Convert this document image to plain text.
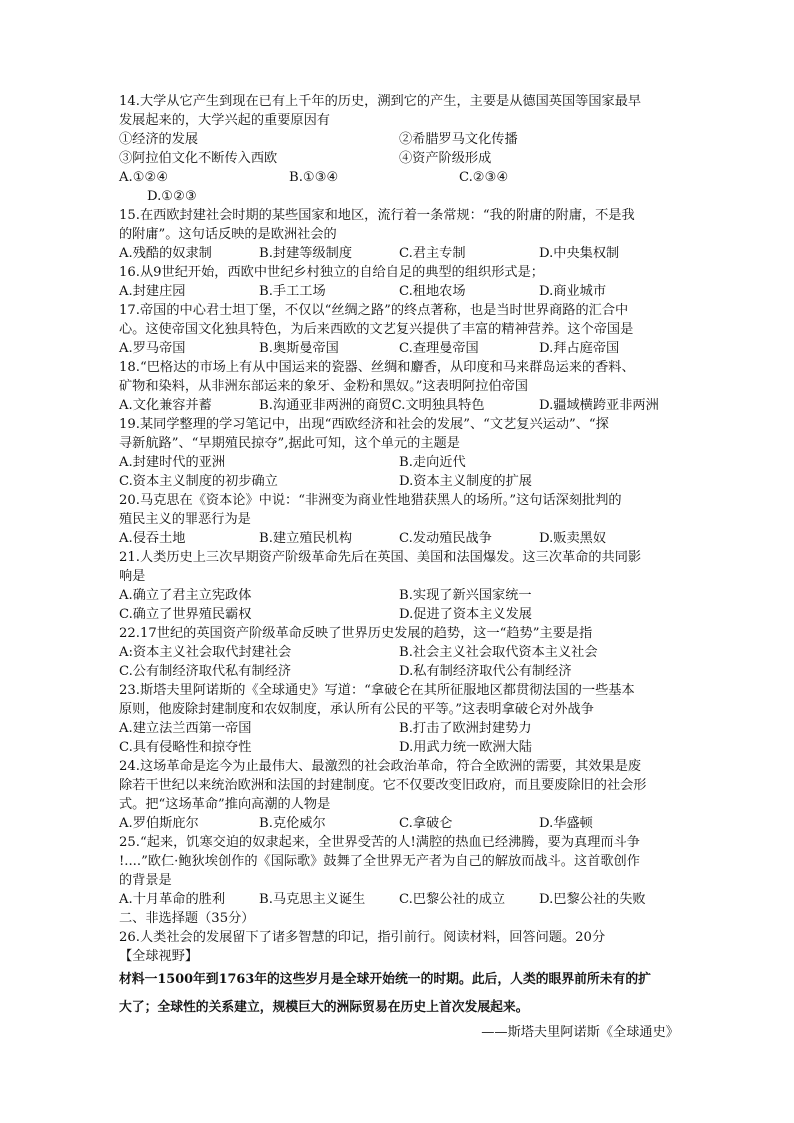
14.大学从它产生到现在已有上千年的历史，溯到它的产生，主要是从德国英国等国家最早
发展起来的，大学兴起的重要原因有
①经济的发展	②希腊罗马文化传播
③阿拉伯文化不断传入西欧	④资产阶级形成
A.①②④	B.①③④	C.②③④
D.①②③
15.在西欧封建社会时期的某些国家和地区，流行着一条常规：“我的附庸的附庸，不是我
的附庸”。这句话反映的是欧洲社会的
A.残酷的奴隶制	B.封建等级制度	C.君主专制	D.中央集权制
16.从9世纪开始，西欧中世纪乡村独立的自给自足的典型的组织形式是；
A.封建庄园	B.手工工场	C.租地农场	D.商业城市
17.帝国的中心君士坦丁堡，不仅以“丝绸之路”的终点著称，也是当时世界商路的汇合中
心。这使帝国文化独具特色，为后来西欧的文艺复兴提供了丰富的精神营养。这个帝国是
A.罗马帝国	B.奥斯曼帝国	C.查理曼帝国	D.拜占庭帝国
18.“巴格达的市场上有从中国运来的瓷器、丝绸和麝香，从印度和马来群岛运来的香料、
矿物和染料，从非洲东部运来的象牙、金粉和黑奴。”这表明阿拉伯帝国
A.文化兼容并蓄	B.沟通亚非两洲的商贸C.文明独具特色	D.疆域横跨亚非两洲
19.某同学整理的学习笔记中，出现“西欧经济和社会的发展”、“文艺复兴运动”、“探
寻新航路”、“早期殖民掠夺”,据此可知，这个单元的主题是
A.封建时代的亚洲	B.走向近代
C.资本主义制度的初步确立	D.资本主义制度的扩展
20.马克思在《资本论》中说：“非洲变为商业性地猎获黑人的场所。”这句话深刻批判的
殖民主义的罪恶行为是
A.侵吞土地	B.建立殖民机构	C.发动殖民战争	D.贩卖黑奴
21.人类历史上三次早期资产阶级革命先后在英国、美国和法国爆发。这三次革命的共同影
响是
A.确立了君主立宪政体	B.实现了新兴国家统一
C.确立了世界殖民霸权	D.促进了资本主义发展
22.17世纪的英国资产阶级革命反映了世界历史发展的趋势，这一“趋势”主要是指
A:资本主义社会取代封建社会	B.社会主义社会取代资本主义社会
C.公有制经济取代私有制经济	D.私有制经济取代公有制经济
23.斯塔夫里阿诺斯的《全球通史》写道：“拿破仑在其所征服地区都贯彻法国的一些基本
原则，他废除封建制度和农奴制度，承认所有公民的平等。”这表明拿破仑对外战争
A.建立法兰西第一帝国	B.打击了欧洲封建势力
C.具有侵略性和掠夺性	D.用武力统一欧洲大陆
24.这场革命是迄今为止最伟大、最激烈的社会政治革命，符合全欧洲的需要，其效果是废
除若干世纪以来统治欧洲和法国的封建制度。它不仅要改变旧政府，而且要废除旧的社会形
式。把“这场革命”推向高潮的人物是
A.罗伯斯庇尔	B.克伦威尔	C.拿破仑	D.华盛顿
25.“起来，饥寒交迫的奴隶起来，全世界受苦的人!满腔的热血已经沸腾，要为真理而斗争
!....”欧仁·鲍狄埃创作的《国际歌》鼓舞了全世界无产者为自己的解放而战斗。这首歌创作
的背景是
A.十月革命的胜利	B.马克思主义诞生	C.巴黎公社的成立	D.巴黎公社的失败
二、非选择题（35分）
26.人类社会的发展留下了诸多智慧的印记，指引前行。阅读材料，回答问题。20分
【全球视野】
材料一1500年到1763年的这些岁月是全球开始统一的时期。此后，人类的眼界前所未有的扩
大了；全球性的关系建立，规模巨大的洲际贸易在历史上首次发展起来。
——斯塔夫里阿诺斯《全球通史》
